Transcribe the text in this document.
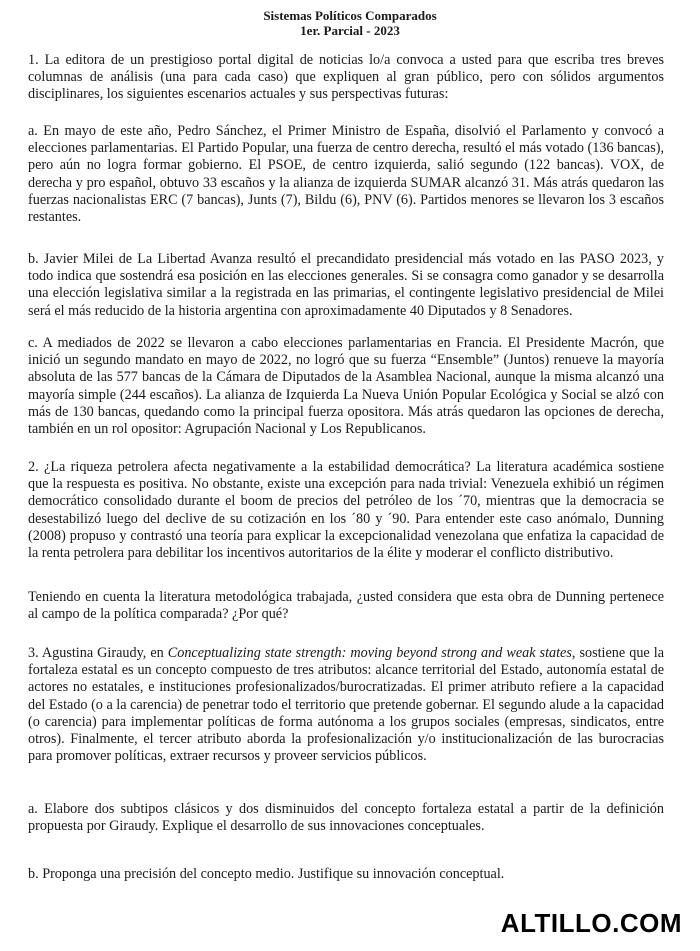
Sistemas Políticos Comparados
1er. Parcial - 2023

1. La editora de un prestigioso portal digital de noticias lo/a convoca a usted para que escriba tres breves columnas de análisis (una para cada caso) que expliquen al gran público, pero con sólidos argumentos disciplinares, los siguientes escenarios actuales y sus perspectivas futuras:

a. En mayo de este año, Pedro Sánchez, el Primer Ministro de España, disolvió el Parlamento y convocó a elecciones parlamentarias. El Partido Popular, una fuerza de centro derecha, resultó el más votado (136 bancas), pero aún no logra formar gobierno. El PSOE, de centro izquierda, salió segundo (122 bancas). VOX, de derecha y pro español, obtuvo 33 escaños y la alianza de izquierda SUMAR alcanzó 31. Más atrás quedaron las fuerzas nacionalistas ERC (7 bancas), Junts (7), Bildu (6), PNV (6). Partidos menores se llevaron los 3 escaños restantes.

b. Javier Milei de La Libertad Avanza resultó el precandidato presidencial más votado en las PASO 2023, y todo indica que sostendrá esa posición en las elecciones generales. Si se consagra como ganador y se desarrolla una elección legislativa similar a la registrada en las primarias, el contingente legislativo presidencial de Milei será el más reducido de la historia argentina con aproximadamente 40 Diputados y 8 Senadores.

c. A mediados de 2022 se llevaron a cabo elecciones parlamentarias en Francia. El Presidente Macrón, que inició un segundo mandato en mayo de 2022, no logró que su fuerza “Ensemble” (Juntos) renueve la mayoría absoluta de las 577 bancas de la Cámara de Diputados de la Asamblea Nacional, aunque la misma alcanzó una mayoría simple (244 escaños). La alianza de Izquierda La Nueva Unión Popular Ecológica y Social se alzó con más de 130 bancas, quedando como la principal fuerza opositora. Más atrás quedaron las opciones de derecha, también en un rol opositor: Agrupación Nacional y Los Republicanos.

2. ¿La riqueza petrolera afecta negativamente a la estabilidad democrática? La literatura académica sostiene que la respuesta es positiva. No obstante, existe una excepción para nada trivial: Venezuela exhibió un régimen democrático consolidado durante el boom de precios del petróleo de los ´70, mientras que la democracia se desestabilizó luego del declive de su cotización en los ´80 y ´90. Para entender este caso anómalo, Dunning (2008) propuso y contrastó una teoría para explicar la excepcionalidad venezolana que enfatiza la capacidad de la renta petrolera para debilitar los incentivos autoritarios de la élite y moderar el conflicto distributivo.

Teniendo en cuenta la literatura metodológica trabajada, ¿usted considera que esta obra de Dunning pertenece al campo de la política comparada? ¿Por qué?

3. Agustina Giraudy, en Conceptualizing state strength: moving beyond strong and weak states, sostiene que la fortaleza estatal es un concepto compuesto de tres atributos: alcance territorial del Estado, autonomía estatal de actores no estatales, e instituciones profesionalizados/burocratizadas. El primer atributo refiere a la capacidad del Estado (o a la carencia) de penetrar todo el territorio que pretende gobernar. El segundo alude a la capacidad (o carencia) para implementar políticas de forma autónoma a los grupos sociales (empresas, sindicatos, entre otros). Finalmente, el tercer atributo aborda la profesionalización y/o institucionalización de las burocracias para promover políticas, extraer recursos y proveer servicios públicos.

a. Elabore dos subtipos clásicos y dos disminuidos del concepto fortaleza estatal a partir de la definición propuesta por Giraudy. Explique el desarrollo de sus innovaciones conceptuales.

b. Proponga una precisión del concepto medio. Justifique su innovación conceptual.

ALTILLO.COM
